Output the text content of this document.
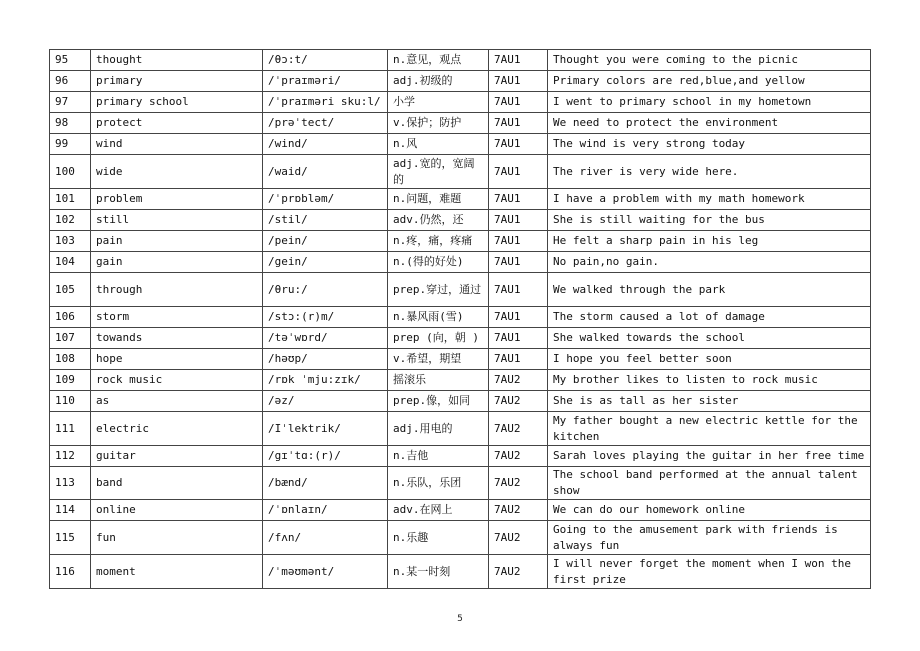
95	thought	/θɔ:t/	n.意见，观点	7AU1	Thought you were coming to the picnic
96	primary	/ˈpraɪməri/	adj.初级的	7AU1	Primary colors are red,blue,and yellow
97	primary school	/ˈpraɪməri sku:l/	小学	7AU1	I went to primary school in my hometown
98	protect	/prəˈtect/	v.保护；防护	7AU1	We need to protect the environment
99	wind	/wind/	n.风	7AU1	The wind is very strong today
100	wide	/waid/	adj.宽的，宽阔的	7AU1	The river is very wide here.
101	problem	/ˈprɒbləm/	n.问题，难题	7AU1	I have a problem with my math homework
102	still	/stil/	adv.仍然，还	7AU1	She is still waiting for the bus
103	pain	/pein/	n.疼，痛，疼痛	7AU1	He felt a sharp pain in his leg
104	gain	/gein/	n.(得的好处)	7AU1	No pain,no gain.
105	through	/θru:/	prep.穿过，通过	7AU1	We walked through the park
106	storm	/stɔ:(r)m/	n.暴风雨(雪)	7AU1	The storm caused a lot of damage
107	towands	/təˈwɒrd/	prep (向，朝 )	7AU1	She walked towards the school
108	hope	/həʊp/	v.希望，期望	7AU1	I hope you feel better soon
109	rock music	/rɒk ˈmju:zɪk/	摇滚乐	7AU2	My brother likes to listen to rock music
110	as	/əz/	prep.像，如同	7AU2	She is as tall as her sister
111	electric	/Iˈlektrik/	adj.用电的	7AU2	My father bought a new electric kettle for the kitchen
112	guitar	/gɪˈtɑ:(r)/	n.吉他	7AU2	Sarah loves playing the guitar in her free time
113	band	/bænd/	n.乐队，乐团	7AU2	The school band performed at the annual talent show
114	online	/ˈɒnlaɪn/	adv.在网上	7AU2	We can do our homework online
115	fun	/fʌn/	n.乐趣	7AU2	Going to the amusement park with friends is always fun
116	moment	/ˈməʊmənt/	n.某一时刻	7AU2	I will never forget the moment when I won the first prize
5
